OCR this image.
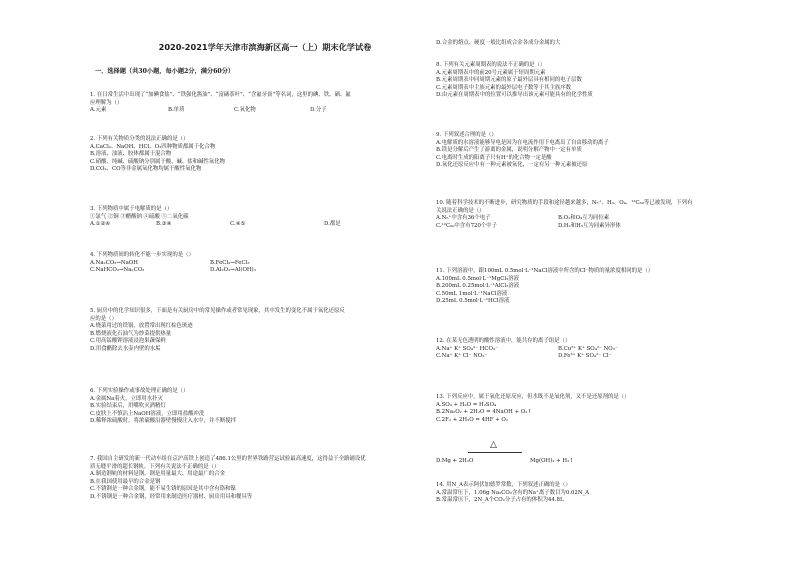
2020-2021学年天津市滨海新区高一（上）期末化学试卷
一、选择题（共30小题，每小题2分，满分60分）
1. 在日常生活中出现了“加碘食盐”、“铁强化酱油”、“富硒茶叶”、“含氟牙膏”等名词，这里的碘、铁、硒、氟
应理解为（）
A.元素	B.单质	C.氧化物	D.分子
2. 下列有关物质分类的说法正确的是（）
A.CaCl₂、NaOH、HCl、O₃四种物质都属于化合物
B.溶液、浊液、胶体都属于混合物
C.硝酸、纯碱、硫酸钠分别属于酸、碱、盐和碱性氧化物
D.CO₂、CO等非金属氧化物均属于酸性氧化物
3. 下列物质中属于电解质的是（）
①氯气 ②铜 ③醋酸钠 ④硫酸 ⑤二氧化碳
A.①②④	B.③④	C.④⑤	D.都是
4. 下列物质间的转化不能一步实现的是（）
A.Na₂CO₃→NaOH	B.FeCl₂→FeCl₃
C.NaHCO₃→Na₂CO₃	D.Al₂O₃→Al(OH)₃
5. 厨房中的化学知识很多，下面是有关厨房中的常见操作或者常见现象，其中发生的变化不属于氧化还原反
应的是（）
A.烧菜用过的铁锅，放置常出现红棕色斑迹
B.燃烧液化石油气为炒菜提供热量
C.用高锰酸钾溶液浸泡果蔬保鲜
D.用食醋除去水壶内壁的水垢
6. 下列实验操作或事故处理正确的是（）
A.金属Na着火，立即用水扑灭
B.实验结束后，用嘴吹灭酒精灯
C.皮肤上不慎沾上NaOH溶液，立即用盐酸冲洗
D.稀释浓硫酸时，将浓硫酸沿器壁慢慢注入水中，并不断搅拌
7. 我国自主研发的新一代动车组在京沪高铁上创造了486.1公里的世界铁路营运试验最高速度，这得益于全路铺设优
质无缝平滑的超长钢轨。下列有关说法不正确的是（）
A.制造钢轨的材料是钢，钢是用量最大、用途最广的合金
B.在我国使用最早的合金是钢
C.不锈钢是一种合金钢，能不易生锈的原因是其中含有铬和镍
D.不锈钢是一种合金钢，经常用来制造医疗器材、厨房用具和餐具等
D.合金的熔点、硬度一般比组成合金各成分金属的大
8. 下列有关元素周期表的说法不正确的是（）
A.元素周期表中的前20号元素属于短周期元素
B.元素周期表中同周期元素的原子最外层具有相同的电子层数
C.元素周期表中主族元素的最外层电子数等于其主族序数
D.由元素在周期表中的位置可以推导出该元素可能具有的化学性质
9. 下列叙述合理的是（）
A.电解质的水溶液能够导电是因为在电流作用下电离出了自由移动的离子
B.镁是分解后产生了游离的金属，说明分解产物中一定有单质
C.电离时生成的阳离子只有H⁺的化合物一定是酸
D.氧化还原反应中有一种元素被氧化，一定有另一种元素被还原
10. 随着科学技术的不断进步，研究物质的手段和途径越来越多，N₅⁺、H₃、O₄、¹²C₆₀等已被发现，下列有
关说法正确的是（）
A.N₅⁺中含有36个电子	B.O₂和O₄互为同位素
C.¹²C₆₀中含有720个中子	D.H₂和H₃互为同素异形体
11. 下列溶液中，跟100mL 0.5mol·L⁻¹NaCl溶液中所含的Cl⁻物质的量浓度相同的是（）
A.100mL 0.5mol·L⁻¹MgCl₂溶液
B.200mL 0.25mol·L⁻¹AlCl₃溶液
C.50mL 1mol·L⁻¹NaCl溶液
D.25mL 0.5mol·L⁻¹HCl溶液
12. 在某无色透明的酸性溶液中，能共存的离子组是（）
A.Na⁺ K⁺ SO₄²⁻ HCO₃⁻	B.Cu²⁺ K⁺ SO₄²⁻ NO₃⁻
C.Na⁺ K⁺ Cl⁻ NO₃⁻	D.Fe³⁺ K⁺ SO₄²⁻ Cl⁻
13. 下列反应中，属于氧化还原反应，但水既不是氧化剂，又不是还原剂的是（）
A.SO₃ + H₂O = H₂SO₄
B.2Na₂O₂ + 2H₂O = 4NaOH + O₂↑
C.2F₂ + 2H₂O = 4HF + O₂
△
D.Mg + 2H₂O	Mg(OH)₂ + H₂↑
14. 用N_A表示阿伏加德罗常数，下列叙述正确的是（）
A.常温常压下，1.06g Na₂CO₃含有的Na⁺离子数目为0.02N_A
B.常温常压下，2N_A个CO₂分子占有的体积为44.8L
